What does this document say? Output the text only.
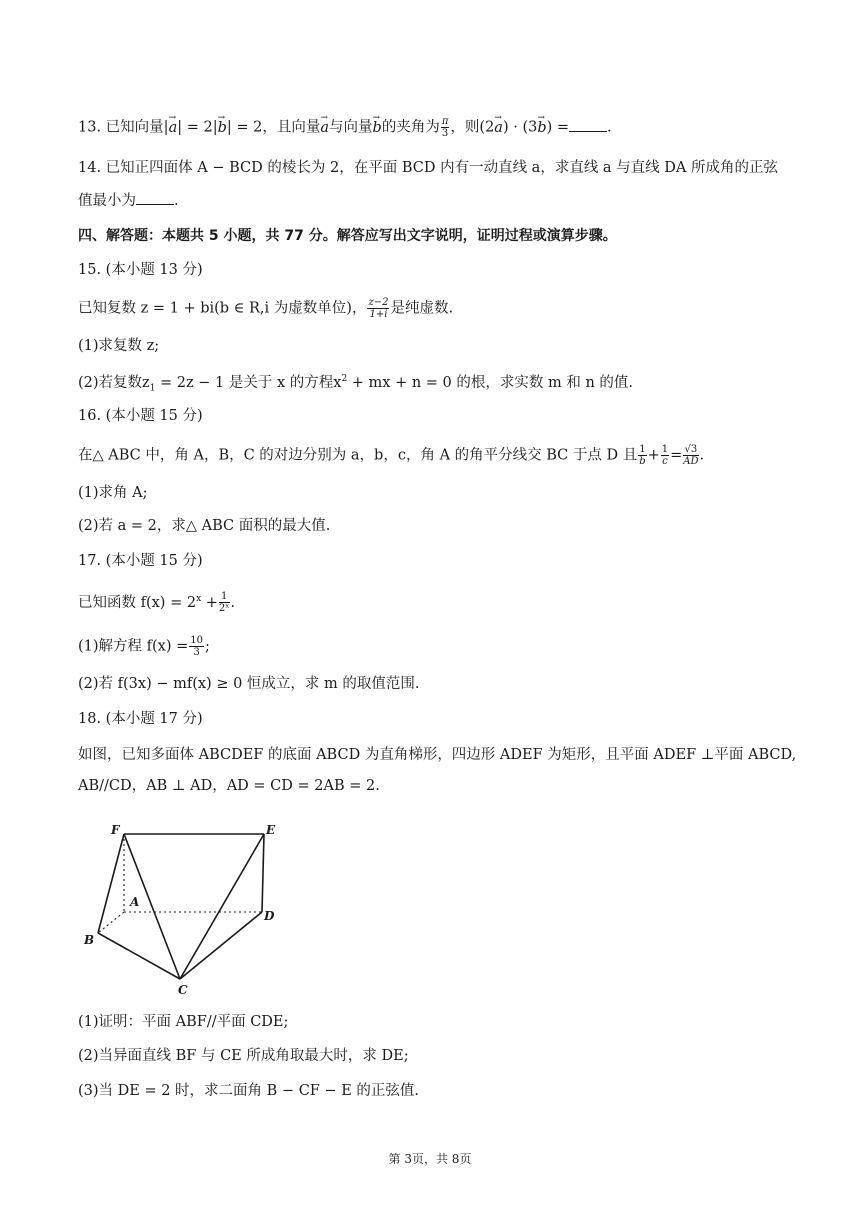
13. 已知向量|→ a| = 2|→ b| = 2，且向量→ a与向量→ b的夹角为 $\frac{\pi}{3}$ ，则(2→ a) · (3→ b) =	.
14. 已知正四面体 A − BCD 的棱长为 2，在平面 BCD 内有一动直线 a，求直线 a 与直线 DA 所成角的正弦
值最小为	.
四、解答题：本题共 5 小题，共 77 分。解答应写出文字说明，证明过程或演算步骤。
15. (本小题 13 分)
已知复数 z = 1 + bi(b ∈ R,i 为虚数单位)， $\frac{z-2}{1+i}$ 是纯虚数.
(1)求复数 z;
(2)若复数$z_1 = 2z - 1$ 是关于 x 的方程$x^2$ + mx + n = 0 的根，求实数 m 和 n 的值.
16. (本小题 15 分)
在△ ABC 中，角 A，B，C 的对边分别为 a，b，c，角 A 的角平分线交 BC 于点 D 且 $\frac{1}{b} + \frac{1}{c} = \frac{√3}{AD}$ .
(1)求角 A;
(2)若 a = 2，求△ ABC 面积的最大值.
17. (本小题 15 分)
已知函数 $f(x) = 2^x + \frac{1}{\text{2ˣ}}$ .
(1)解方程 $f(x) = \frac{10}{3}$ ;
(2)若 f(3x) − mf(x) ≥ 0 恒成立，求 m 的取值范围.
18. (本小题 17 分)
如图，已知多面体 ABCDEF 的底面 ABCD 为直角梯形，四边形 ADEF 为矩形，且平面 ADEF ⊥平面 ABCD,
AB//CD，AB ⊥ AD，AD = CD = 2AB = 2.
F	E
A
D
B
C
(1)证明：平面 ABF//平面 CDE;
(2)当异面直线 BF 与 CE 所成角取最大时，求 DE;
(3)当 DE = 2 时，求二面角 B − CF − E 的正弦值.
第 3页，共 8页
